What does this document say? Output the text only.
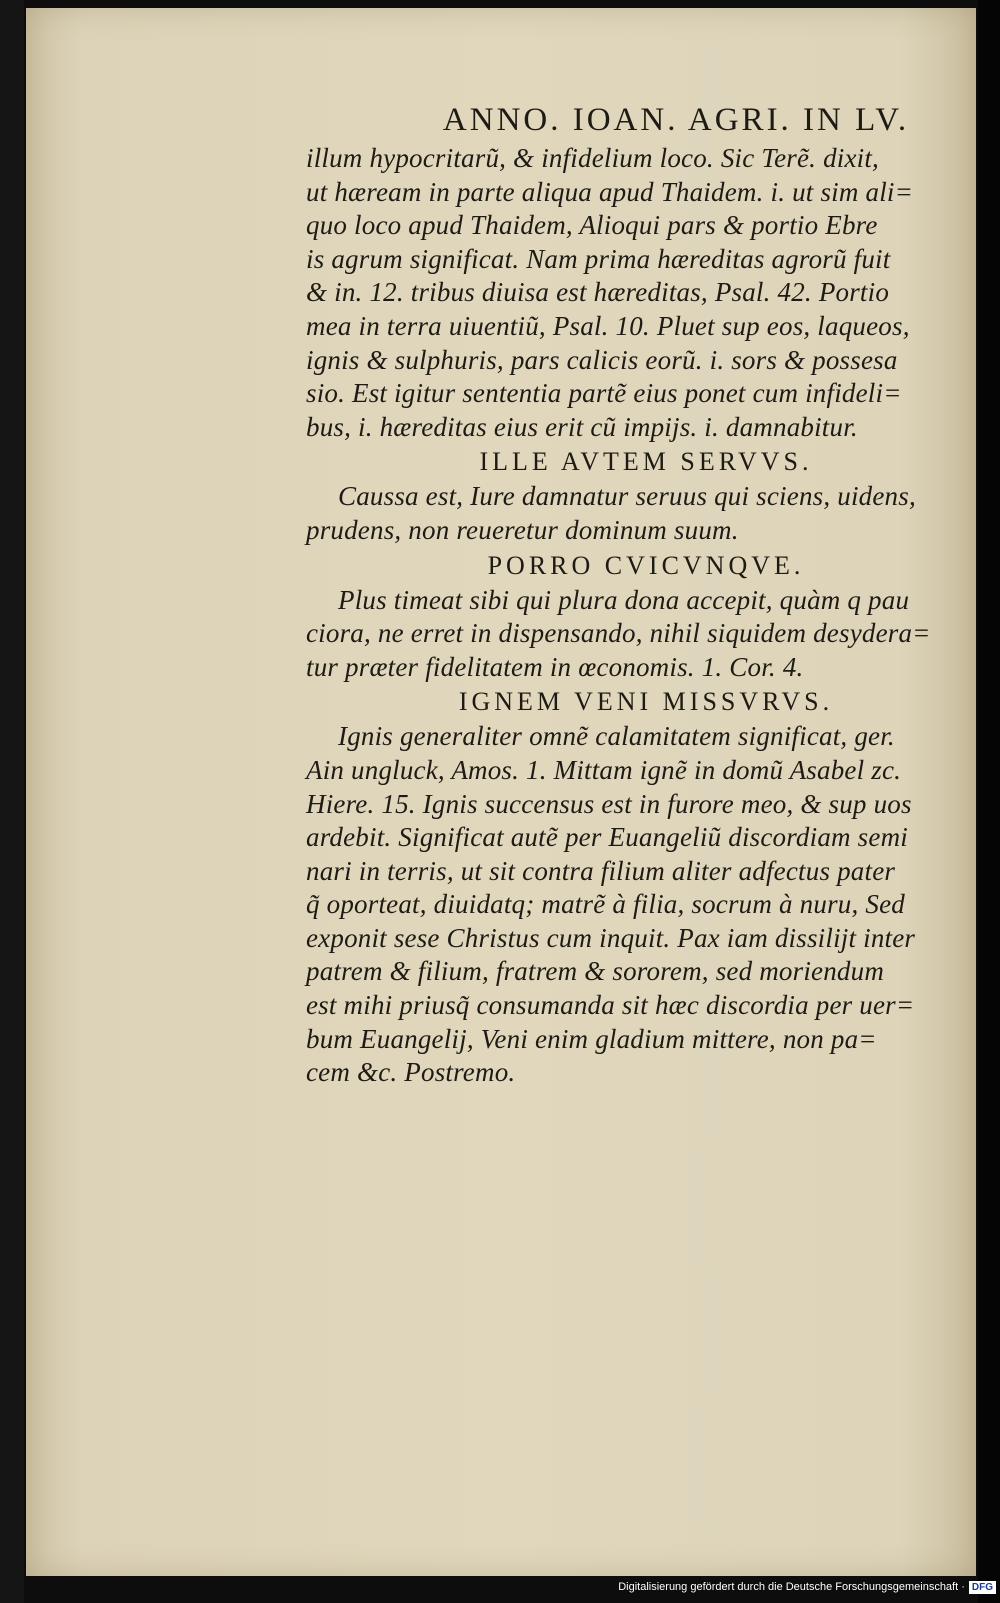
ANNO. IOAN. AGRI. IN LV.
illum hypocritarũ, & infidelium loco. Sic Terẽ. dixit,
ut hæream in parte aliqua apud Thaidem. i. ut sim ali=
quo loco apud Thaidem, Alioqui pars & portio Ebre
is agrum significat. Nam prima hæreditas agrorũ fuit
& in. 12. tribus diuisa est hæreditas, Psal. 42. Portio
mea in terra uiuentiũ, Psal. 10. Pluet sup eos, laqueos,
ignis & sulphuris, pars calicis eorũ. i. sors & possesa
sio. Est igitur sententia partẽ eius ponet cum infideli=
bus, i. hæreditas eius erit cũ impijs. i. damnabitur.
ILLE AVTEM SERVVS.
Caussa est, Iure damnatur seruus qui sciens, uidens,
prudens, non reueretur dominum suum.
PORRO CVICVNQVE.
Plus timeat sibi qui plura dona accepit, quàm q pau
ciora, ne erret in dispensando, nihil siquidem desydera=
tur præter fidelitatem in œconomis. 1. Cor. 4.
IGNEM VENI MISSVRVS.
Ignis generaliter omnẽ calamitatem significat, ger.
Ain ungluck, Amos. 1. Mittam ignẽ in domũ Asabel zc.
Hiere. 15. Ignis succensus est in furore meo, & sup uos
ardebit. Significat autẽ per Euangeliũ discordiam semi
nari in terris, ut sit contra filium aliter adfectus pater
q̃ oporteat, diuidatq; matrẽ à filia, socrum à nuru, Sed
exponit sese Christus cum inquit. Pax iam dissilijt inter
patrem & filium, fratrem & sororem, sed moriendum
est mihi priusq̃ consumanda sit hæc discordia per uer=
bum Euangelij, Veni enim gladium mittere, non pa=
cem &c. Postremo.
Digitalisierung gefördert durch die Deutsche Forschungsgemeinschaft · DFG
